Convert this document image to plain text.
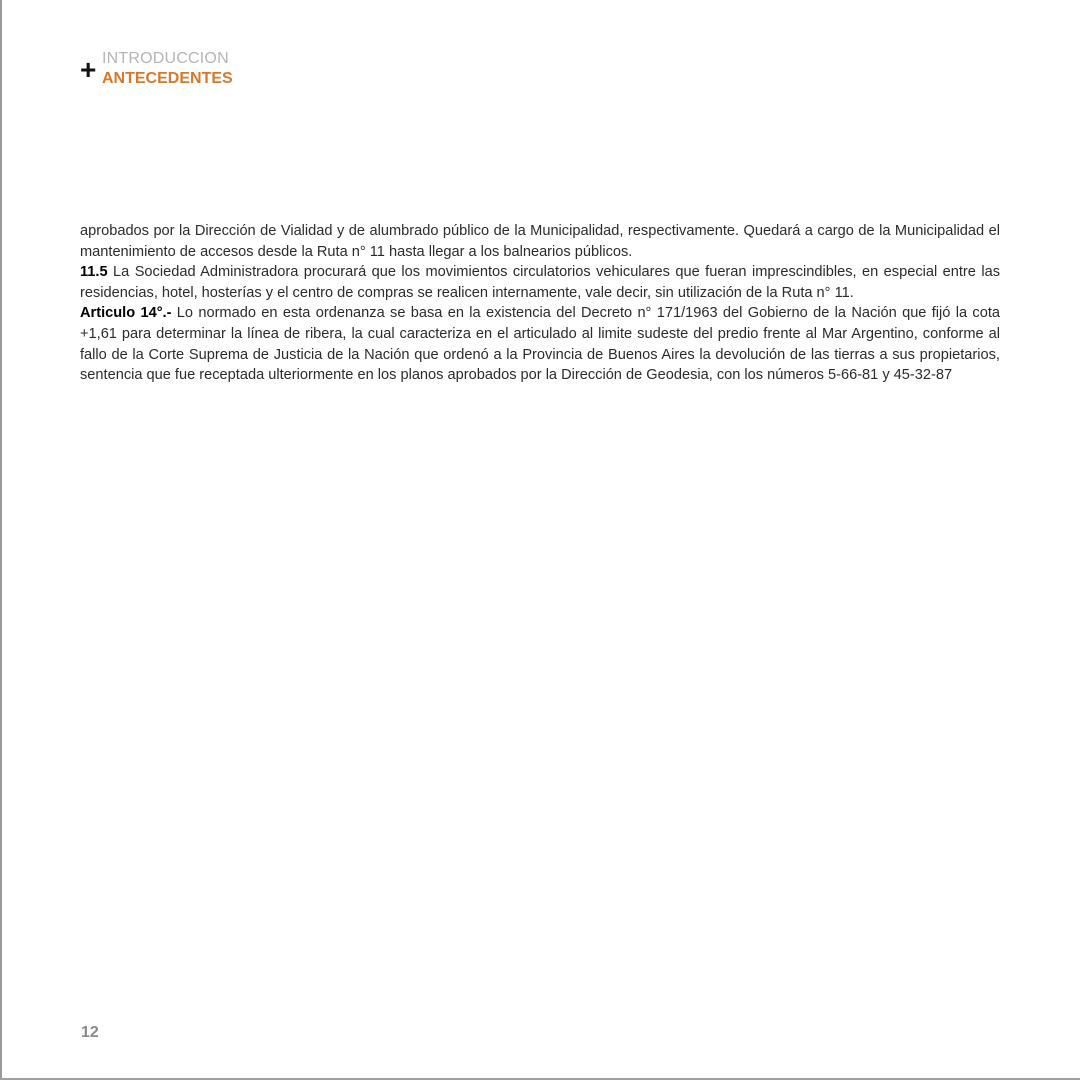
+ INTRODUCCION
ANTECEDENTES

aprobados por la Dirección de Vialidad y de alumbrado público de la Municipalidad, respectivamente. Quedará a cargo de la Municipalidad el mantenimiento de accesos desde la Ruta n° 11 hasta llegar a los balnearios públicos.

11.5 La Sociedad Administradora procurará que los movimientos circulatorios vehiculares que fueran imprescindibles, en especial entre las residencias, hotel, hosterías y el centro de compras se realicen internamente, vale decir, sin utilización de la Ruta n° 11.

Articulo 14°.- Lo normado en esta ordenanza se basa en la existencia del Decreto n° 171/1963 del Gobierno de la Nación que fijó la cota +1,61 para determinar la línea de ribera, la cual caracteriza en el articulado al limite sudeste del predio frente al Mar Argentino, conforme al fallo de la Corte Suprema de Justicia de la Nación que ordenó a la Provincia de Buenos Aires la devolución de las tierras a sus propietarios, sentencia que fue receptada ulteriormente en los planos aprobados por la Dirección de Geodesia, con los números 5-66-81 y 45-32-87

12
